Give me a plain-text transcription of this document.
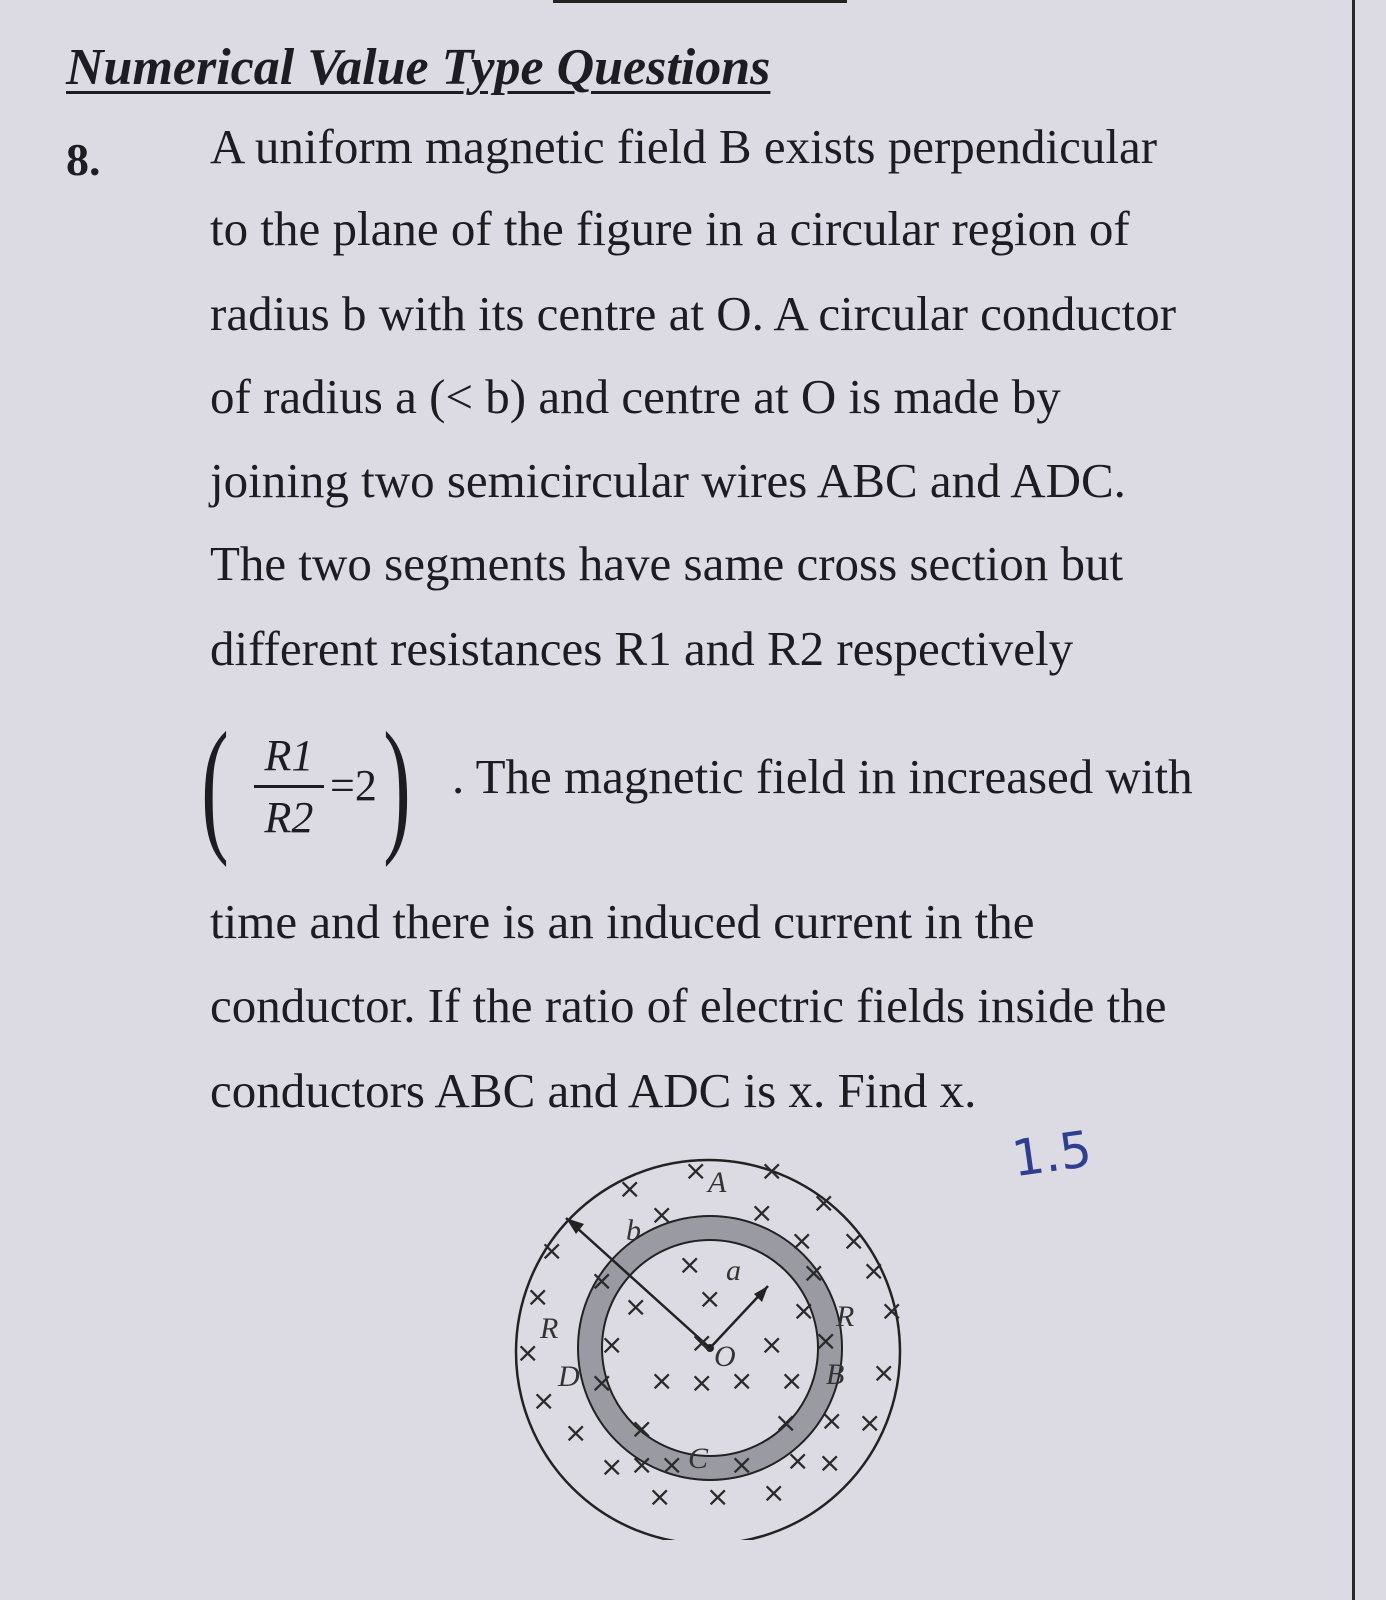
Numerical Value Type Questions
8. A uniform magnetic field B exists perpendicular
to the plane of the figure in a circular region of
radius b with its centre at O. A circular conductor
of radius a (< b) and centre at O is made by
joining two semicircular wires ABC and ADC.
The two segments have same cross section but
different resistances R1 and R2 respectively
( R1
R2
=2 ) . The magnetic field in increased with
time and there is an induced current in the
conductor. If the ratio of electric fields inside the
conductors ABC and ADC is x. Find x.
1.5
× ×
×	×
×	×
×	× ×
× ×	× ×
×	× ×	× ×
× × × × ×
×
×
× × × × ×
×
× ×	× ×
× × × × × ×
× × ×
A
b
a
O
R	R
D	B
C
